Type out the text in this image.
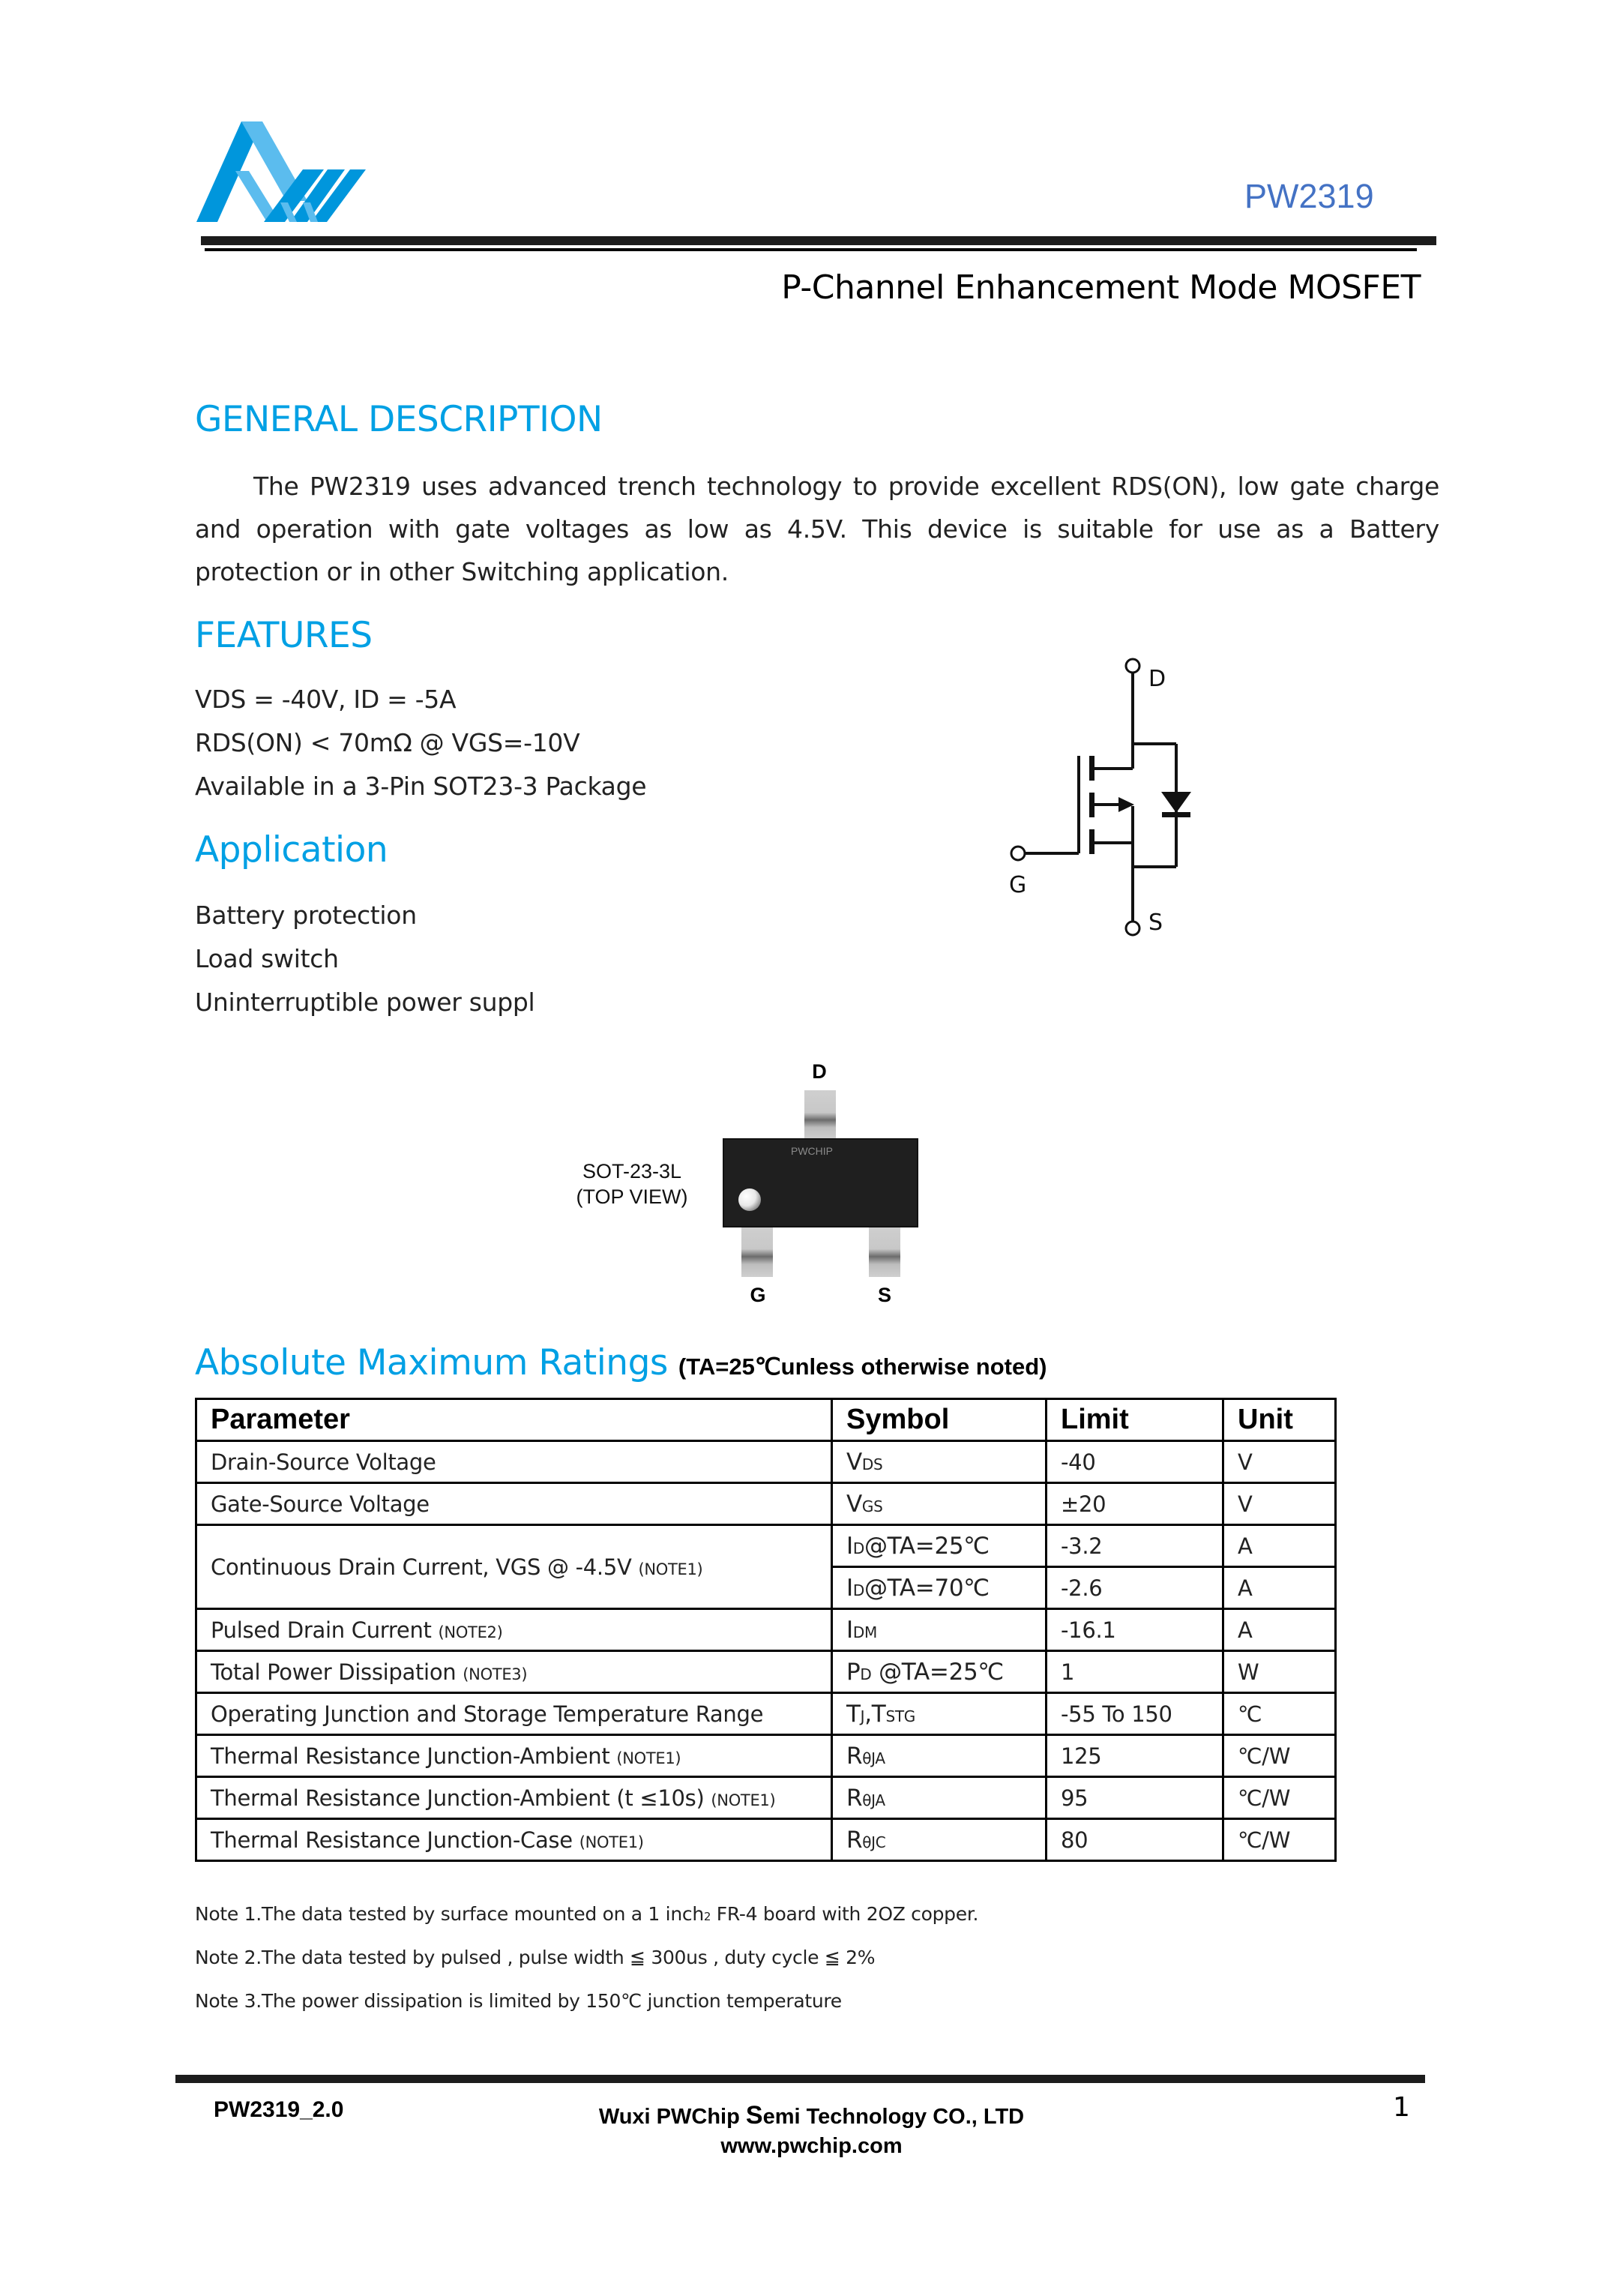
PW2319
P-Channel Enhancement Mode MOSFET
GENERAL DESCRIPTION
The PW2319 uses advanced trench technology to provide excellent RDS(ON), low gate charge and operation with gate voltages as low as 4.5V. This device is suitable for use as a Battery protection or in other Switching application.
FEATURES
VDS = -40V, ID = -5A
RDS(ON) < 70mΩ @ VGS=-10V
Available in a 3-Pin SOT23-3 Package
Application
Battery protection
Load switch
Uninterruptible power suppl
D
G
S
PWCHIP
SOT-23-3L
(TOP VIEW)
D
G	S
Absolute Maximum Ratings (TA=25℃unless otherwise noted)
Parameter	Symbol	Limit	Unit
Drain-Source Voltage	VDS	-40	V
Gate-Source Voltage	VGS	±20	V
Continuous Drain Current, VGS @ -4.5V (NOTE1)	ID@TA=25℃	-3.2	A
	ID@TA=70℃	-2.6	A
Pulsed Drain Current (NOTE2)	IDM	-16.1	A
Total Power Dissipation (NOTE3)	PD @TA=25℃	1	W
Operating Junction and Storage Temperature Range	TJ,TSTG	-55 To 150	℃
Thermal Resistance Junction-Ambient (NOTE1)	RθJA	125	℃/W
Thermal Resistance Junction-Ambient (t ≤10s) (NOTE1)	RθJA	95	℃/W
Thermal Resistance Junction-Case (NOTE1)	RθJC	80	℃/W
Note 1.The data tested by surface mounted on a 1 inch2 FR-4 board with 2OZ copper.
Note 2.The data tested by pulsed , pulse width ≦ 300us , duty cycle ≦ 2%
Note 3.The power dissipation is limited by 150℃ junction temperature
PW2319_2.0	Wuxi PWChip Semi Technology CO., LTD
www.pwchip.com
1
